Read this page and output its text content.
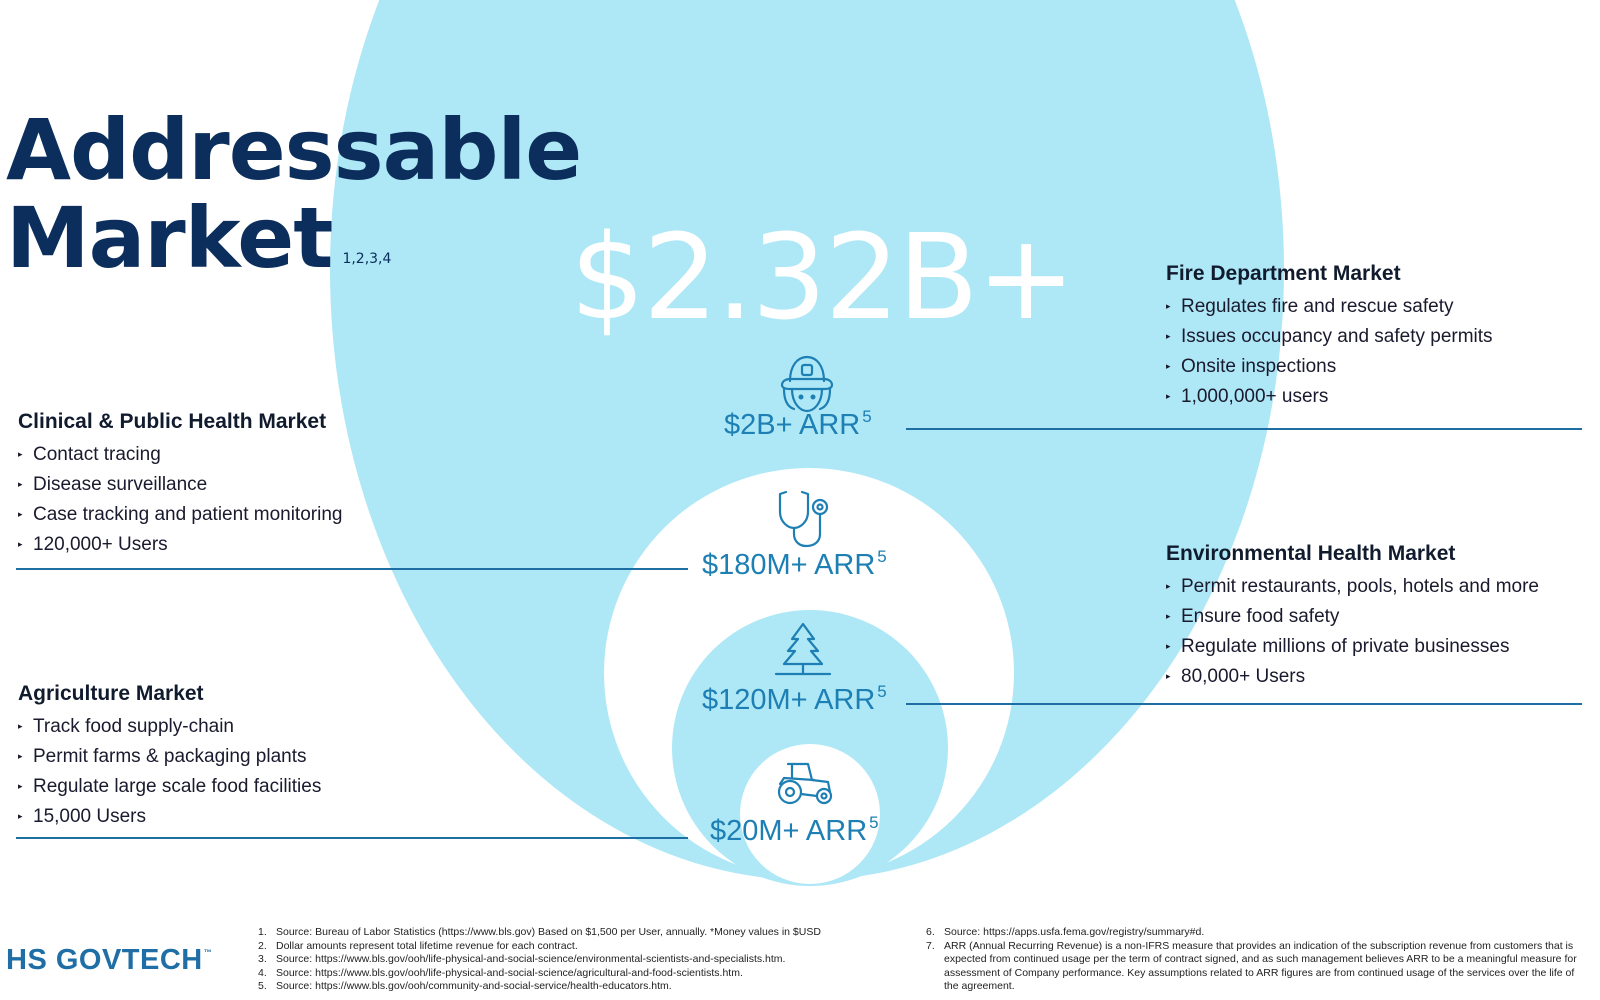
Addressable
Market $^{1,2,3,4}$	$2.32B+
$2B+ ARR $^5$
$180M+ ARR $^5$
$120M+ ARR $^5$
$20M+ ARR $^5$
Fire Department Market
▸ Regulates fire and rescue safety
▸ Issues occupancy and safety permits
▸ Onsite inspections
▸ 1,000,000+ users
Clinical & Public Health Market
▸ Contact tracing
▸ Disease surveillance
▸ Case tracking and patient monitoring
▸ 120,000+ Users	Environmental Health Market
▸ Permit restaurants, pools, hotels and more
▸ Ensure food safety
▸ Regulate millions of private businesses
▸ 80,000+ Users
Agriculture Market
▸ Track food supply-chain
▸ Permit farms & packaging plants
▸ Regulate large scale food facilities
▸ 15,000 Users
HS GOVTECH™
1. Source: Bureau of Labor Statistics (https://www.bls.gov) Based on $1,500 per User, annually. *Money values in $USD
2. Dollar amounts represent total lifetime revenue for each contract.
3. Source: https://www.bls.gov/ooh/life-physical-and-social-science/environmental-scientists-and-specialists.htm.
4. Source: https://www.bls.gov/ooh/life-physical-and-social-science/agricultural-and-food-scientists.htm.
5. Source: https://www.bls.gov/ooh/community-and-social-service/health-educators.htm.
6. Source: https://apps.usfa.fema.gov/registry/summary#d.
7. ARR (Annual Recurring Revenue) is a non-IFRS measure that provides an indication of the subscription revenue from customers that is expected from continued usage per the term of contract signed, and as such management believes ARR to be a meaningful measure for assessment of Company performance. Key assumptions related to ARR figures are from continued usage of the services over the life of the agreement.
